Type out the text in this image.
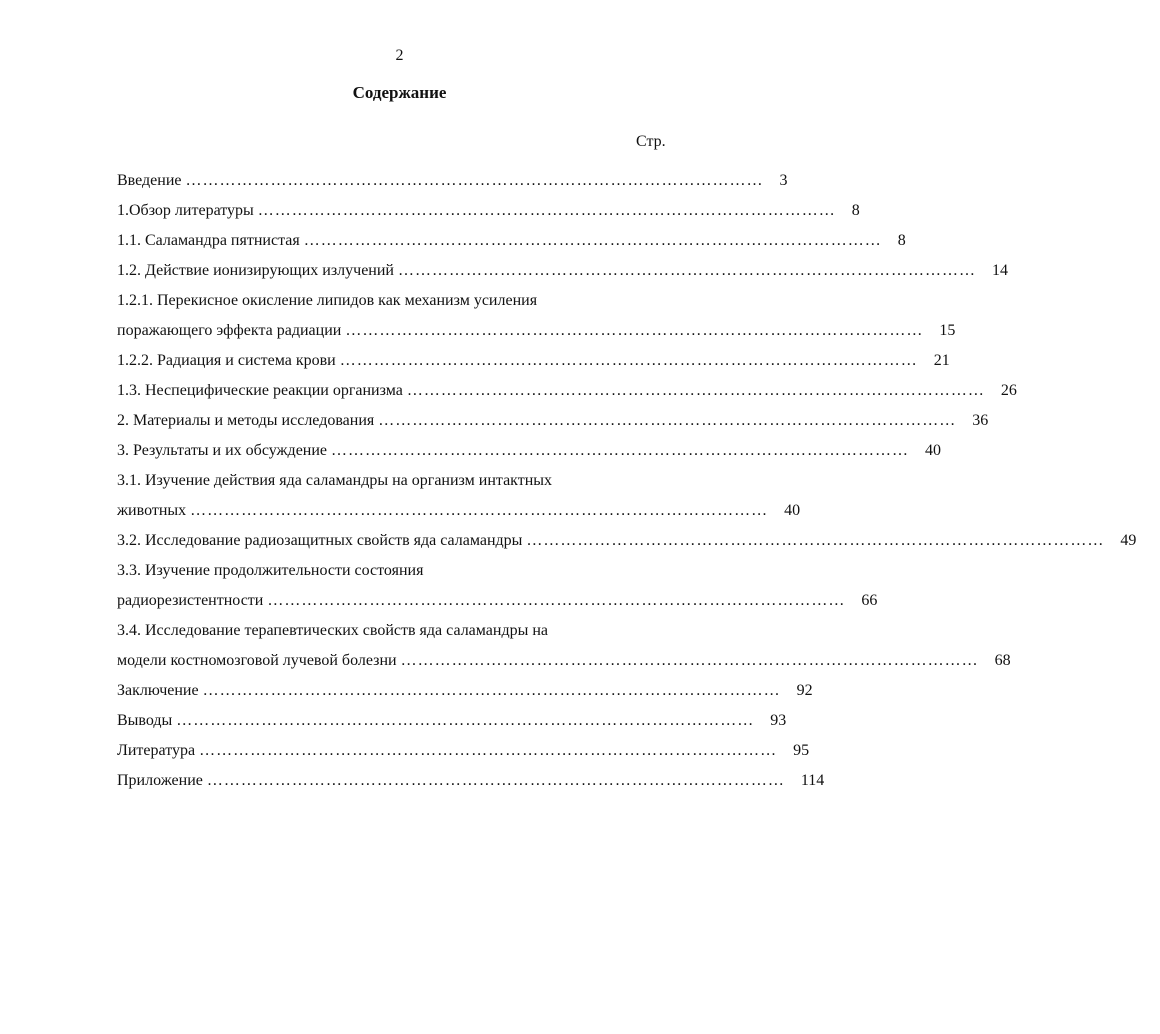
2
Содержание
Стр.
Введение …………………………………………………………………………………………	3
1.Обзор литературы …………………………………………………………………………………………	8
1.1. Саламандра пятнистая …………………………………………………………………………………………	8
1.2. Действие ионизирующих излучений …………………………………………………………………………………………	14
1.2.1. Перекисное окисление липидов как механизм усиления
поражающего эффекта радиации …………………………………………………………………………………………	15
1.2.2. Радиация и система крови …………………………………………………………………………………………	21
1.3. Неспецифические реакции организма …………………………………………………………………………………………	26
2. Материалы и методы исследования …………………………………………………………………………………………	36
3. Результаты и их обсуждение …………………………………………………………………………………………	40
3.1. Изучение действия яда саламандры на организм интактных
животных …………………………………………………………………………………………	40
3.2. Исследование радиозащитных свойств яда саламандры …………………………………………………………………………………………	49
3.3. Изучение продолжительности состояния
радиорезистентности …………………………………………………………………………………………	66
3.4. Исследование терапевтических свойств яда саламандры на
модели костномозговой лучевой болезни …………………………………………………………………………………………	68
Заключение …………………………………………………………………………………………	92
Выводы …………………………………………………………………………………………	93
Литература …………………………………………………………………………………………	95
Приложение …………………………………………………………………………………………	114
